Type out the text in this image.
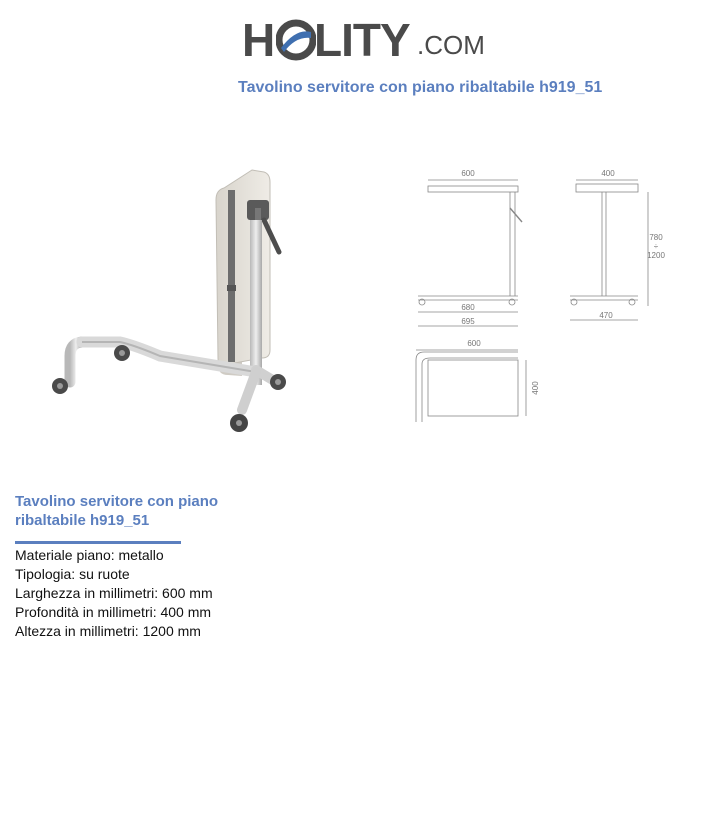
H LITY .COM
Tavolino servitore con piano ribaltabile h919_51
600	400
780
÷
1200
680
695
470
600
400
Tavolino servitore con piano ribaltabile h919_51
Materiale piano: metallo
Tipologia: su ruote
Larghezza in millimetri: 600 mm
Profondità in millimetri: 400 mm
Altezza in millimetri: 1200 mm
